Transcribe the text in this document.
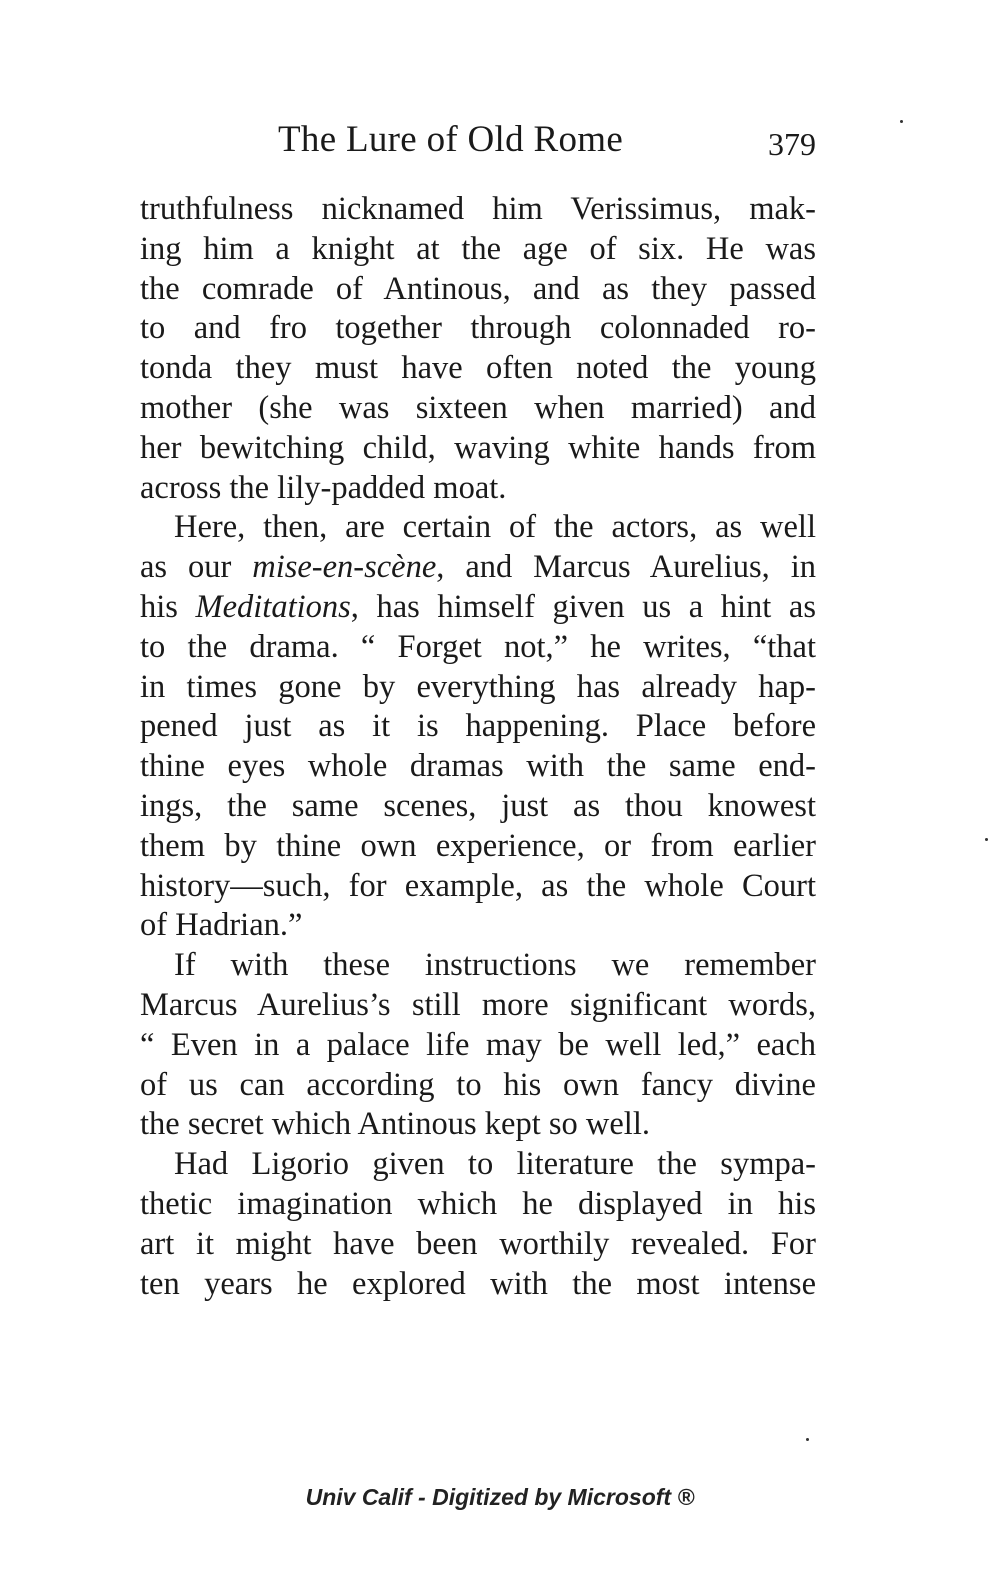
The Lure of Old Rome	379
truthfulness nicknamed him Verissimus, mak-
ing him a knight at the age of six. He was
the comrade of Antinous, and as they passed
to and fro together through colonnaded ro-
tonda they must have often noted the young
mother (she was sixteen when married) and
her bewitching child, waving white hands from
across the lily-padded moat.
Here, then, are certain of the actors, as well
as our mise-en-scène, and Marcus Aurelius, in
his Meditations, has himself given us a hint as
to the drama. “ Forget not,” he writes, “that
in times gone by everything has already hap-
pened just as it is happening. Place before
thine eyes whole dramas with the same end-
ings, the same scenes, just as thou knowest
them by thine own experience, or from earlier
history—such, for example, as the whole Court
of Hadrian.”
If with these instructions we remember
Marcus Aurelius’s still more significant words,
“ Even in a palace life may be well led,” each
of us can according to his own fancy divine
the secret which Antinous kept so well.
Had Ligorio given to literature the sympa-
thetic imagination which he displayed in his
art it might have been worthily revealed. For
ten years he explored with the most intense
Univ Calif - Digitized by Microsoft ®
